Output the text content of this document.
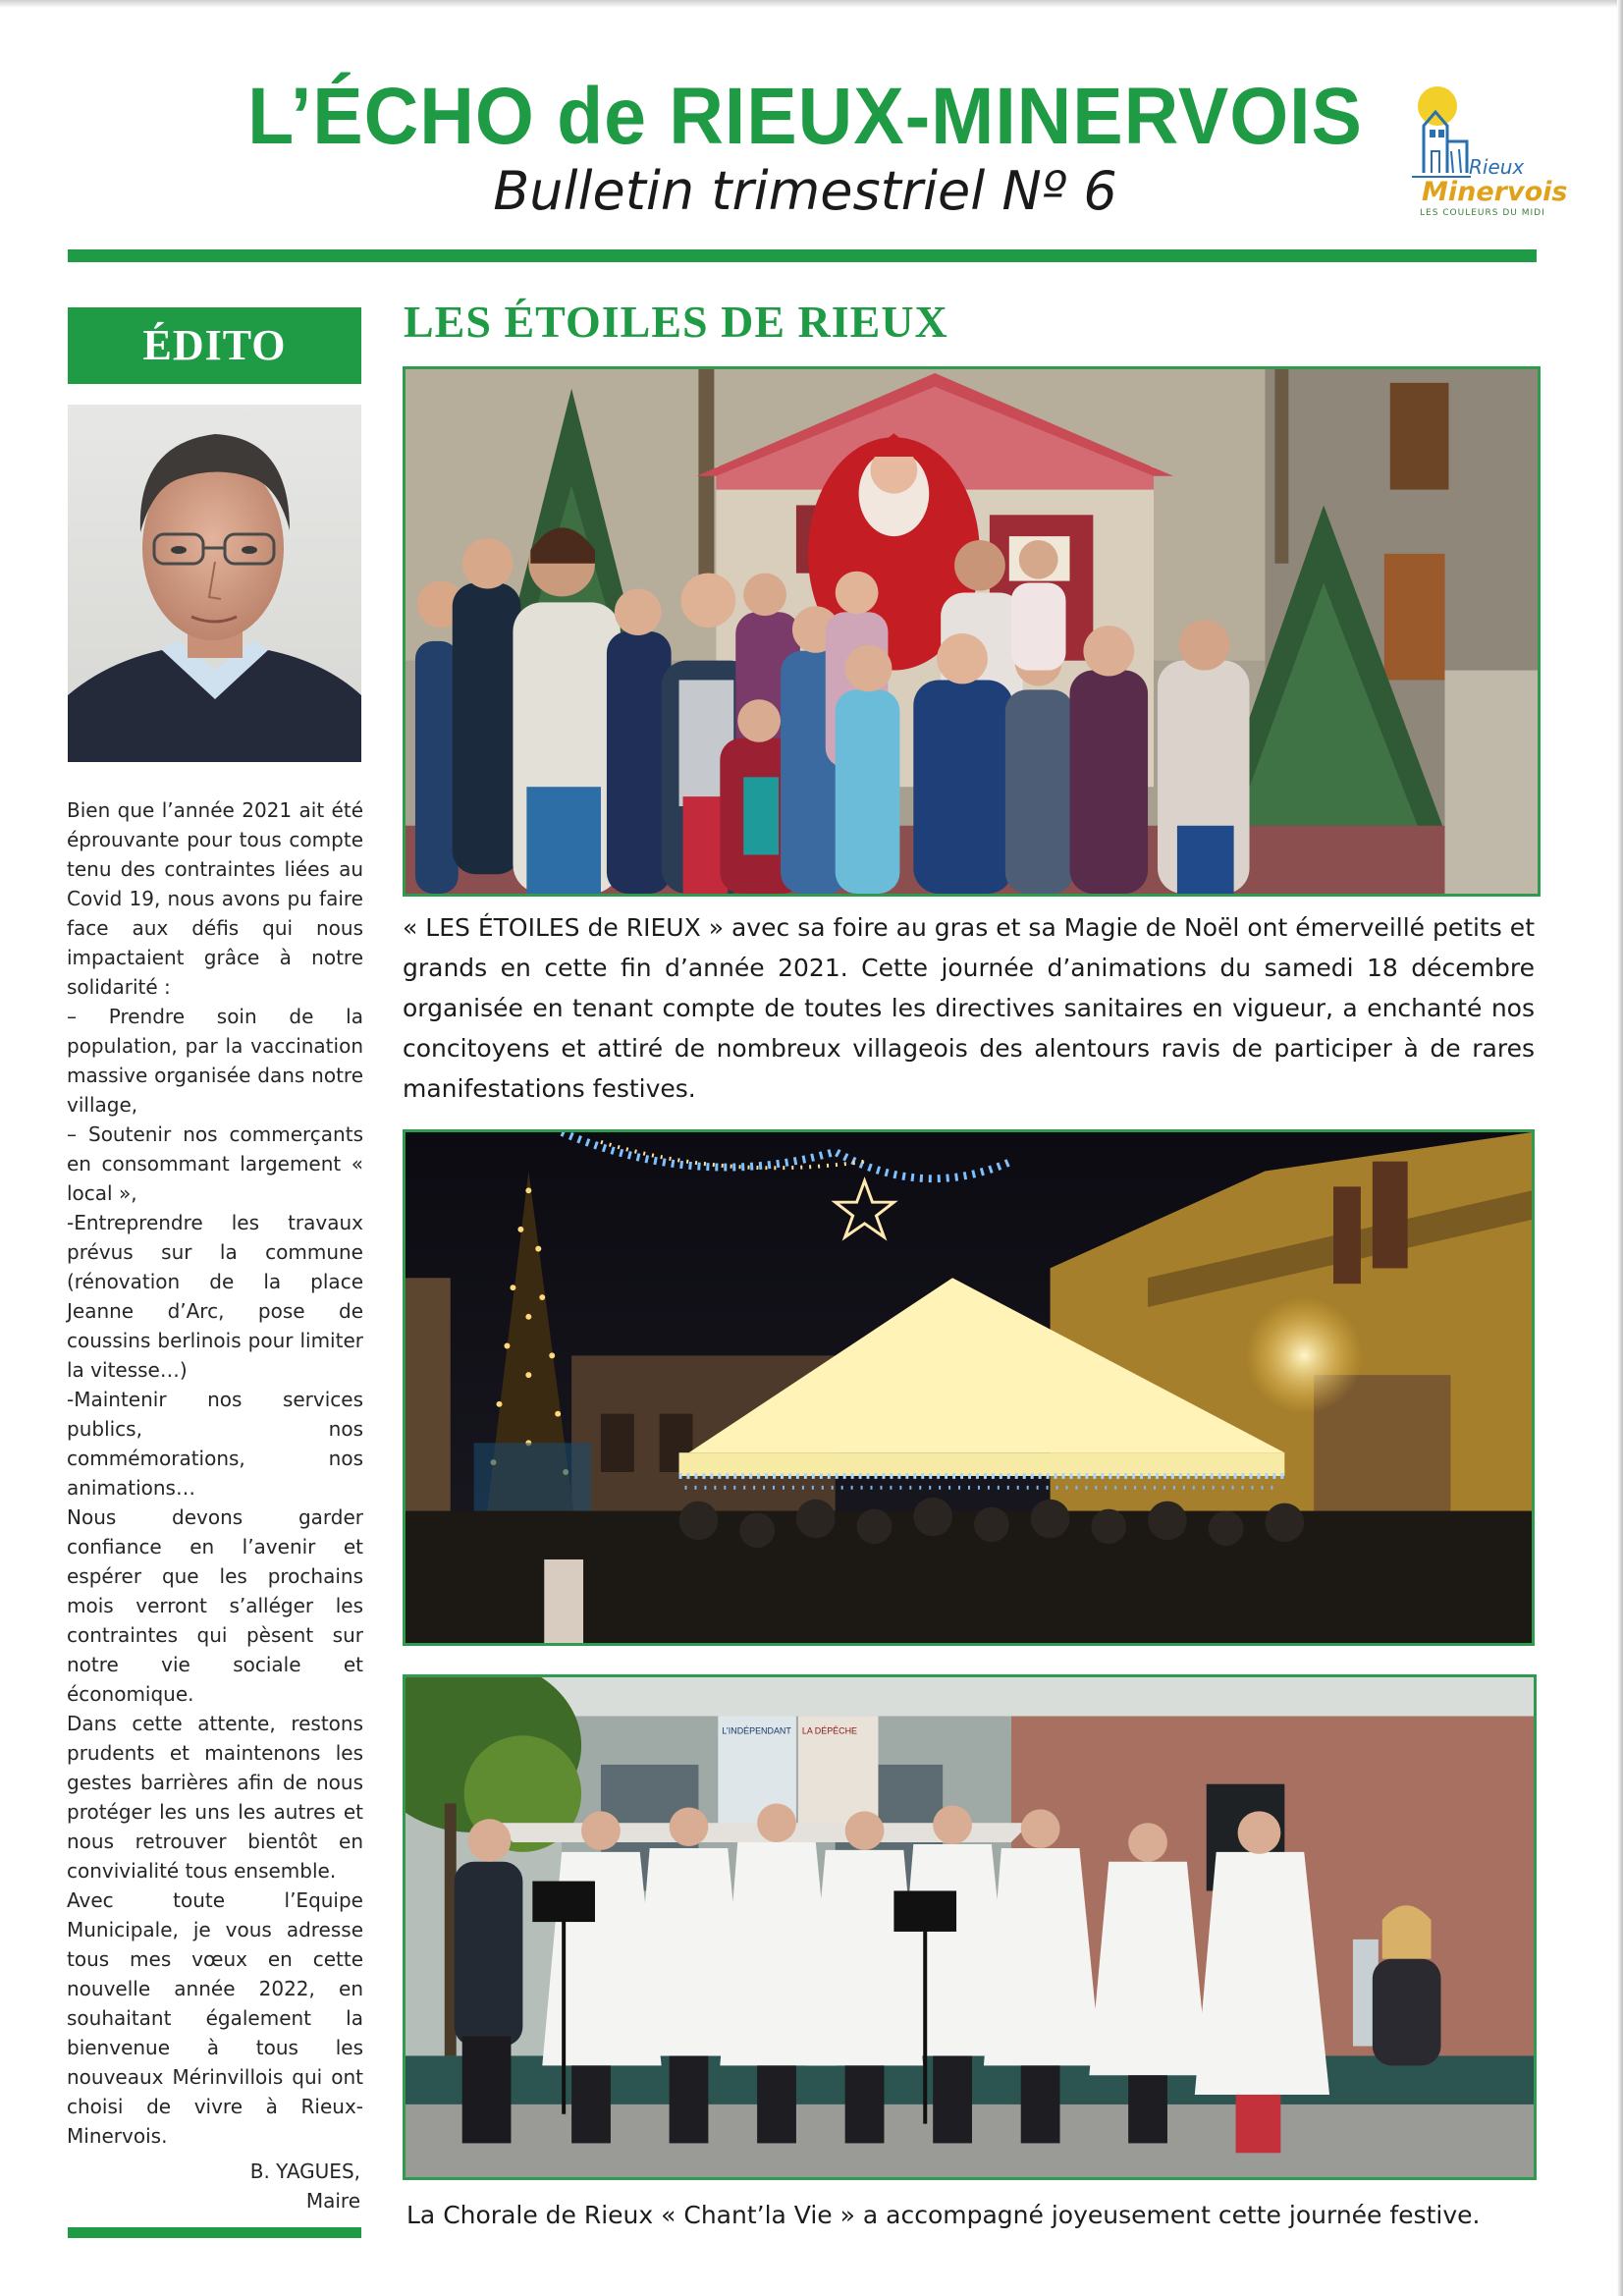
L’ÉCHO de RIEUX-MINERVOIS
Bulletin trimestriel Nº 6	Rieux
Minervois
LES COULEURS DU MIDI
ÉDITO

Bien que l’année 2021 ait été éprouvante pour tous compte tenu des contraintes liées au Covid 19, nous avons pu faire face aux défis qui nous impactaient grâce à notre solidarité :

– Prendre soin de la population, par la vaccination massive organisée dans notre village,

– Soutenir nos commerçants en consommant largement « local »,

-Entreprendre les travaux prévus sur la commune (rénovation de la place Jeanne d’Arc, pose de coussins berlinois pour limiter la vitesse…)

-Maintenir nos services publics, nos commémorations, nos animations…

Nous devons garder confiance en l’avenir et espérer que les prochains mois verront s’alléger les contraintes qui pèsent sur notre vie sociale et économique.

Dans cette attente, restons prudents et maintenons les gestes barrières afin de nous protéger les uns les autres et nous retrouver bientôt en convivialité tous ensemble.

Avec toute l’Equipe Municipale, je vous adresse tous mes vœux en cette nouvelle année 2022, en souhaitant également la bienvenue à tous les nouveaux Mérinvillois qui ont choisi de vivre à Rieux-Minervois.

B. YAGUES,
Maire
LES ÉTOILES DE RIEUX

« LES ÉTOILES de RIEUX » avec sa foire au gras et sa Magie de Noël ont émerveillé petits et grands en cette fin d’année 2021. Cette journée d’animations du samedi 18 décembre organisée en tenant compte de toutes les directives sanitaires en vigueur, a enchanté nos concitoyens et attiré de nombreux villageois des alentours ravis de participer à de rares manifestations festives.

L’INDÉPENDANT LA DÉPÊCHE
La Chorale de Rieux « Chant’la Vie » a accompagné joyeusement cette journée festive.
